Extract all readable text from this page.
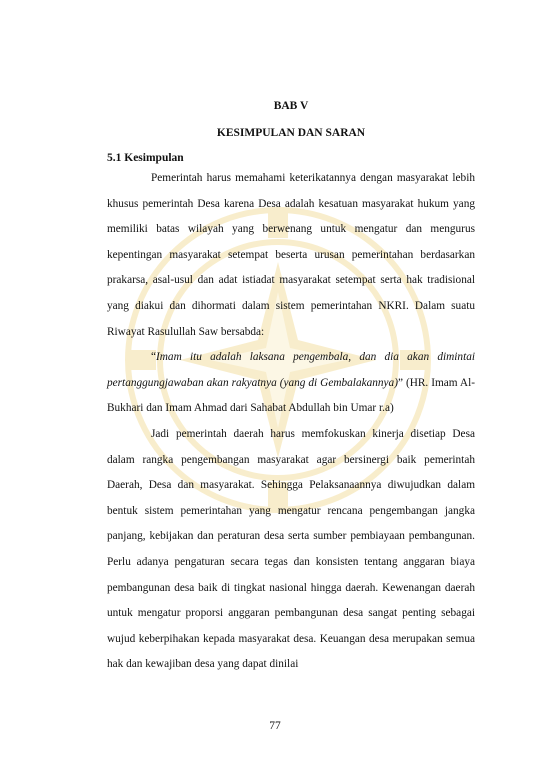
BAB V

KESIMPULAN DAN SARAN

5.1 Kesimpulan

Pemerintah harus memahami keterikatannya dengan masyarakat lebih khusus pemerintah Desa karena Desa adalah kesatuan masyarakat hukum yang memiliki batas wilayah yang berwenang untuk mengatur dan mengurus kepentingan masyarakat setempat beserta urusan pemerintahan berdasarkan prakarsa, asal-usul dan adat istiadat masyarakat setempat serta hak tradisional yang diakui dan dihormati dalam sistem pemerintahan NKRI. Dalam suatu Riwayat Rasulullah Saw bersabda:

“Imam itu adalah laksana pengembala, dan dia akan dimintai pertanggungjawaban akan rakyatnya (yang di Gembalakannya)” (HR. Imam Al- Bukhari dan Imam Ahmad dari Sahabat Abdullah bin Umar r.a)

Jadi pemerintah daerah harus memfokuskan kinerja disetiap Desa dalam rangka pengembangan masyarakat agar bersinergi baik pemerintah Daerah, Desa dan masyarakat. Sehingga Pelaksanaannya diwujudkan dalam bentuk sistem pemerintahan yang mengatur rencana pengembangan jangka panjang, kebijakan dan peraturan desa serta sumber pembiayaan pembangunan. Perlu adanya pengaturan secara tegas dan konsisten tentang anggaran biaya pembangunan desa baik di tingkat nasional hingga daerah. Kewenangan daerah untuk mengatur proporsi anggaran pembangunan desa sangat penting sebagai wujud keberpihakan kepada masyarakat desa. Keuangan desa merupakan semua hak dan kewajiban desa yang dapat dinilai

77
